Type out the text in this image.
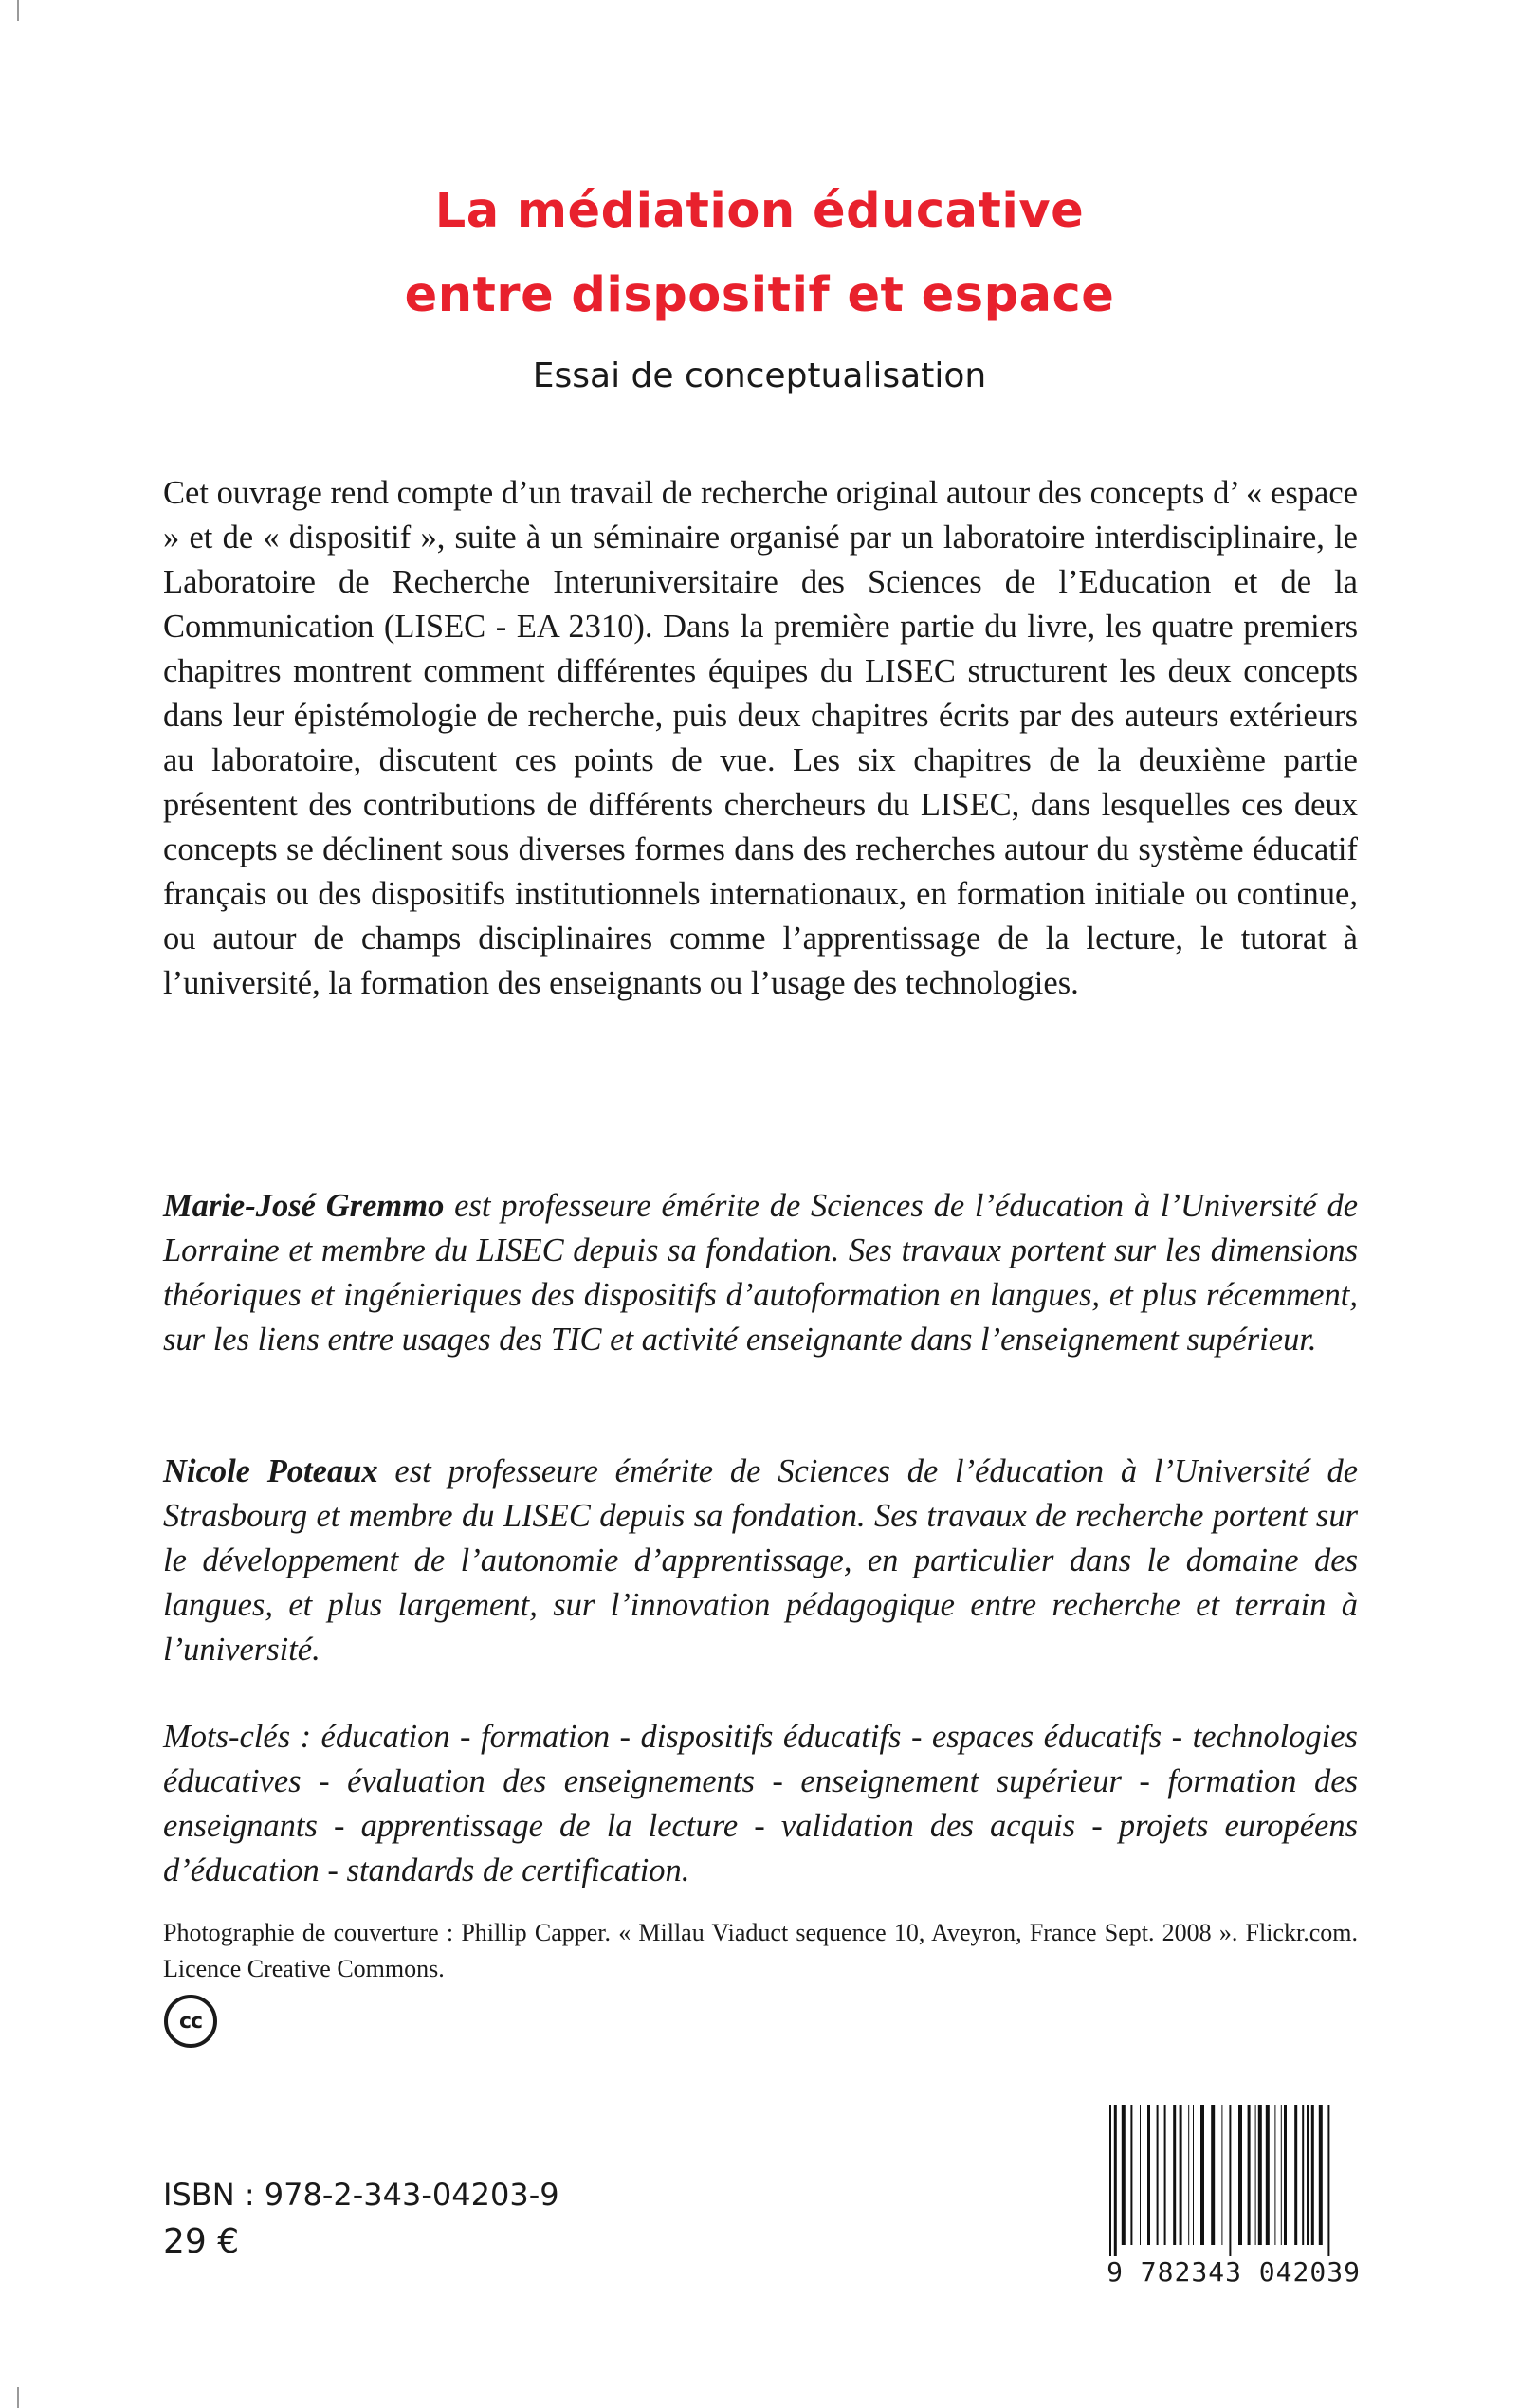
La médiation éducative
entre dispositif et espace

Essai de conceptualisation

Cet ouvrage rend compte d’un travail de recherche original autour des concepts d’ « espace » et de « dispositif », suite à un séminaire organisé par un laboratoire interdisciplinaire, le Laboratoire de Recherche Interuniversitaire des Sciences de l’Education et de la Communication (LISEC - EA 2310). Dans la première partie du livre, les quatre premiers chapitres montrent comment différentes équipes du LISEC structurent les deux concepts dans leur épistémologie de recherche, puis deux chapitres écrits par des auteurs extérieurs au laboratoire, discutent ces points de vue. Les six chapitres de la deuxième partie présentent des contributions de différents chercheurs du LISEC, dans lesquelles ces deux concepts se déclinent sous diverses formes dans des recherches autour du système éducatif français ou des dispositifs institutionnels internationaux, en formation initiale ou continue, ou autour de champs disciplinaires comme l’apprentissage de la lecture, le tutorat à l’université, la formation des enseignants ou l’usage des technologies.

Marie-José Gremmo est professeure émérite de Sciences de l’éducation à l’Université de Lorraine et membre du LISEC depuis sa fondation. Ses travaux portent sur les dimensions théoriques et ingénieriques des dispositifs d’autoformation en langues, et plus récemment, sur les liens entre usages des TIC et activité enseignante dans l’enseignement supérieur.

Nicole Poteaux est professeure émérite de Sciences de l’éducation à l’Université de Strasbourg et membre du LISEC depuis sa fondation. Ses travaux de recherche portent sur le développement de l’autonomie d’apprentissage, en particulier dans le domaine des langues, et plus largement, sur l’innovation pédagogique entre recherche et terrain à l’université.

Mots-clés : éducation - formation - dispositifs éducatifs - espaces éducatifs - technologies éducatives - évaluation des enseignements - enseignement supérieur - formation des enseignants - apprentissage de la lecture - validation des acquis - projets européens d’éducation - standards de certification.

Photographie de couverture : Phillip Capper. « Millau Viaduct sequence 10, Aveyron, France Sept. 2008 ». Flickr.com. Licence Creative Commons.

cc
ISBN : 978-2-343-04203-9
29 €
9 782343 042039
